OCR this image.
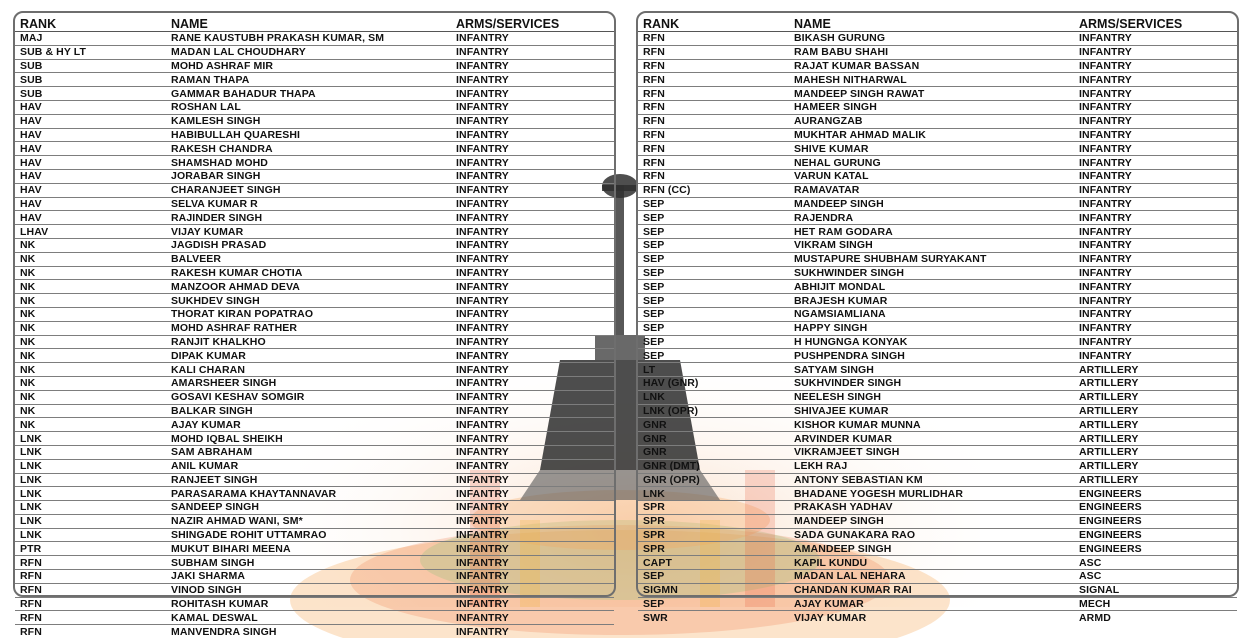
RANK	NAME	ARMS/SERVICES
MAJ	RANE KAUSTUBH PRAKASH KUMAR, SM	INFANTRY
SUB & HY LT	MADAN LAL CHOUDHARY	INFANTRY
SUB	MOHD ASHRAF MIR	INFANTRY
SUB	RAMAN THAPA	INFANTRY
SUB	GAMMAR BAHADUR THAPA	INFANTRY
HAV	ROSHAN LAL	INFANTRY
HAV	KAMLESH SINGH	INFANTRY
HAV	HABIBULLAH QUARESHI	INFANTRY
HAV	RAKESH CHANDRA	INFANTRY
HAV	SHAMSHAD MOHD	INFANTRY
HAV	JORABAR SINGH	INFANTRY
HAV	CHARANJEET SINGH	INFANTRY
HAV	SELVA KUMAR R	INFANTRY
HAV	RAJINDER SINGH	INFANTRY
LHAV	VIJAY KUMAR	INFANTRY
NK	JAGDISH PRASAD	INFANTRY
NK	BALVEER	INFANTRY
NK	RAKESH KUMAR CHOTIA	INFANTRY
NK	MANZOOR AHMAD DEVA	INFANTRY
NK	SUKHDEV SINGH	INFANTRY
NK	THORAT KIRAN POPATRAO	INFANTRY
NK	MOHD ASHRAF RATHER	INFANTRY
NK	RANJIT KHALKHO	INFANTRY
NK	DIPAK KUMAR	INFANTRY
NK	KALI CHARAN	INFANTRY
NK	AMARSHEER SINGH	INFANTRY
NK	GOSAVI KESHAV SOMGIR	INFANTRY
NK	BALKAR SINGH	INFANTRY
NK	AJAY KUMAR	INFANTRY
LNK	MOHD IQBAL SHEIKH	INFANTRY
LNK	SAM ABRAHAM	INFANTRY
LNK	ANIL KUMAR	INFANTRY
LNK	RANJEET SINGH	INFANTRY
LNK	PARASARAMA KHAYTANNAVAR	INFANTRY
LNK	SANDEEP SINGH	INFANTRY
LNK	NAZIR AHMAD WANI, SM*	INFANTRY
LNK	SHINGADE ROHIT UTTAMRAO	INFANTRY
PTR	MUKUT BIHARI MEENA	INFANTRY
RFN	SUBHAM SINGH	INFANTRY
RFN	JAKI SHARMA	INFANTRY
RFN	VINOD SINGH	INFANTRY
RFN	ROHITASH KUMAR	INFANTRY
RFN	KAMAL DESWAL	INFANTRY
RFN	MANVENDRA SINGH	INFANTRY
RANK	NAME	ARMS/SERVICES
RFN	BIKASH GURUNG	INFANTRY
RFN	RAM BABU SHAHI	INFANTRY
RFN	RAJAT KUMAR BASSAN	INFANTRY
RFN	MAHESH NITHARWAL	INFANTRY
RFN	MANDEEP SINGH RAWAT	INFANTRY
RFN	HAMEER SINGH	INFANTRY
RFN	AURANGZAB	INFANTRY
RFN	MUKHTAR AHMAD MALIK	INFANTRY
RFN	SHIVE KUMAR	INFANTRY
RFN	NEHAL GURUNG	INFANTRY
RFN	VARUN KATAL	INFANTRY
RFN (CC)	RAMAVATAR	INFANTRY
SEP	MANDEEP SINGH	INFANTRY
SEP	RAJENDRA	INFANTRY
SEP	HET RAM GODARA	INFANTRY
SEP	VIKRAM SINGH	INFANTRY
SEP	MUSTAPURE SHUBHAM SURYAKANT	INFANTRY
SEP	SUKHWINDER SINGH	INFANTRY
SEP	ABHIJIT MONDAL	INFANTRY
SEP	BRAJESH KUMAR	INFANTRY
SEP	NGAMSIAMLIANA	INFANTRY
SEP	HAPPY SINGH	INFANTRY
SEP	H HUNGNGA KONYAK	INFANTRY
SEP	PUSHPENDRA SINGH	INFANTRY
LT	SATYAM SINGH	ARTILLERY
HAV (GNR)	SUKHVINDER SINGH	ARTILLERY
LNK	NEELESH SINGH	ARTILLERY
LNK (OPR)	SHIVAJEE KUMAR	ARTILLERY
GNR	KISHOR KUMAR MUNNA	ARTILLERY
GNR	ARVINDER KUMAR	ARTILLERY
GNR	VIKRAMJEET SINGH	ARTILLERY
GNR (DMT)	LEKH RAJ	ARTILLERY
GNR (OPR)	ANTONY SEBASTIAN KM	ARTILLERY
LNK	BHADANE YOGESH MURLIDHAR	ENGINEERS
SPR	PRAKASH YADHAV	ENGINEERS
SPR	MANDEEP SINGH	ENGINEERS
SPR	SADA GUNAKARA RAO	ENGINEERS
SPR	AMANDEEP SINGH	ENGINEERS
CAPT	KAPIL KUNDU	ASC
SEP	MADAN LAL NEHARA	ASC
SIGMN	CHANDAN KUMAR RAI	SIGNAL
SEP	AJAY KUMAR	MECH
SWR	VIJAY KUMAR	ARMD
